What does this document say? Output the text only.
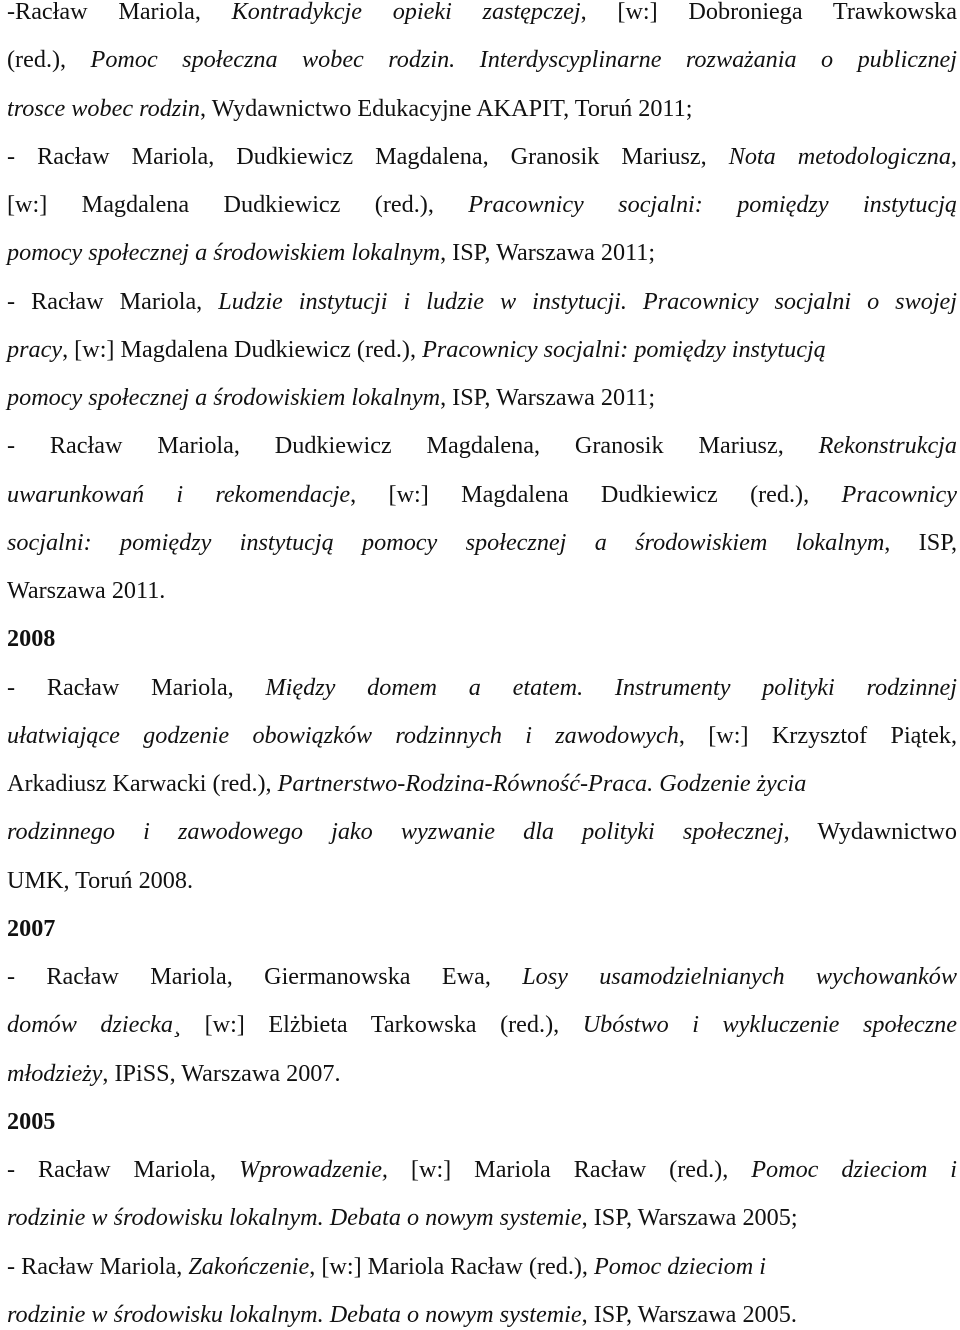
-Racław Mariola, Kontradykcje opieki zastępczej, [w:] Dobroniega Trawkowska
(red.), Pomoc społeczna wobec rodzin. Interdyscyplinarne rozważania o publicznej
trosce wobec rodzin, Wydawnictwo Edukacyjne AKAPIT, Toruń 2011;
- Racław Mariola, Dudkiewicz Magdalena, Granosik Mariusz, Nota metodologiczna,
[w:] Magdalena Dudkiewicz (red.), Pracownicy socjalni: pomiędzy instytucją
pomocy społecznej a środowiskiem lokalnym, ISP, Warszawa 2011;
- Racław Mariola, Ludzie instytucji i ludzie w instytucji. Pracownicy socjalni o swojej
pracy, [w:] Magdalena Dudkiewicz (red.), Pracownicy socjalni: pomiędzy instytucją
pomocy społecznej a środowiskiem lokalnym, ISP, Warszawa 2011;
- Racław Mariola, Dudkiewicz Magdalena, Granosik Mariusz, Rekonstrukcja
uwarunkowań i rekomendacje, [w:] Magdalena Dudkiewicz (red.), Pracownicy
socjalni: pomiędzy instytucją pomocy społecznej a środowiskiem lokalnym, ISP,
Warszawa 2011.
2008
- Racław Mariola, Między domem a etatem. Instrumenty polityki rodzinnej
ułatwiające godzenie obowiązków rodzinnych i zawodowych, [w:] Krzysztof Piątek,
Arkadiusz Karwacki (red.), Partnerstwo-Rodzina-Równość-Praca. Godzenie życia
rodzinnego i zawodowego jako wyzwanie dla polityki społecznej, Wydawnictwo
UMK, Toruń 2008.
2007
- Racław Mariola, Giermanowska Ewa, Losy usamodzielnianych wychowanków
domów dziecka¸ [w:] Elżbieta Tarkowska (red.), Ubóstwo i wykluczenie społeczne
młodzieży, IPiSS, Warszawa 2007.
2005
- Racław Mariola, Wprowadzenie, [w:] Mariola Racław (red.), Pomoc dzieciom i
rodzinie w środowisku lokalnym. Debata o nowym systemie, ISP, Warszawa 2005;
- Racław Mariola, Zakończenie, [w:] Mariola Racław (red.), Pomoc dzieciom i
rodzinie w środowisku lokalnym. Debata o nowym systemie, ISP, Warszawa 2005.
